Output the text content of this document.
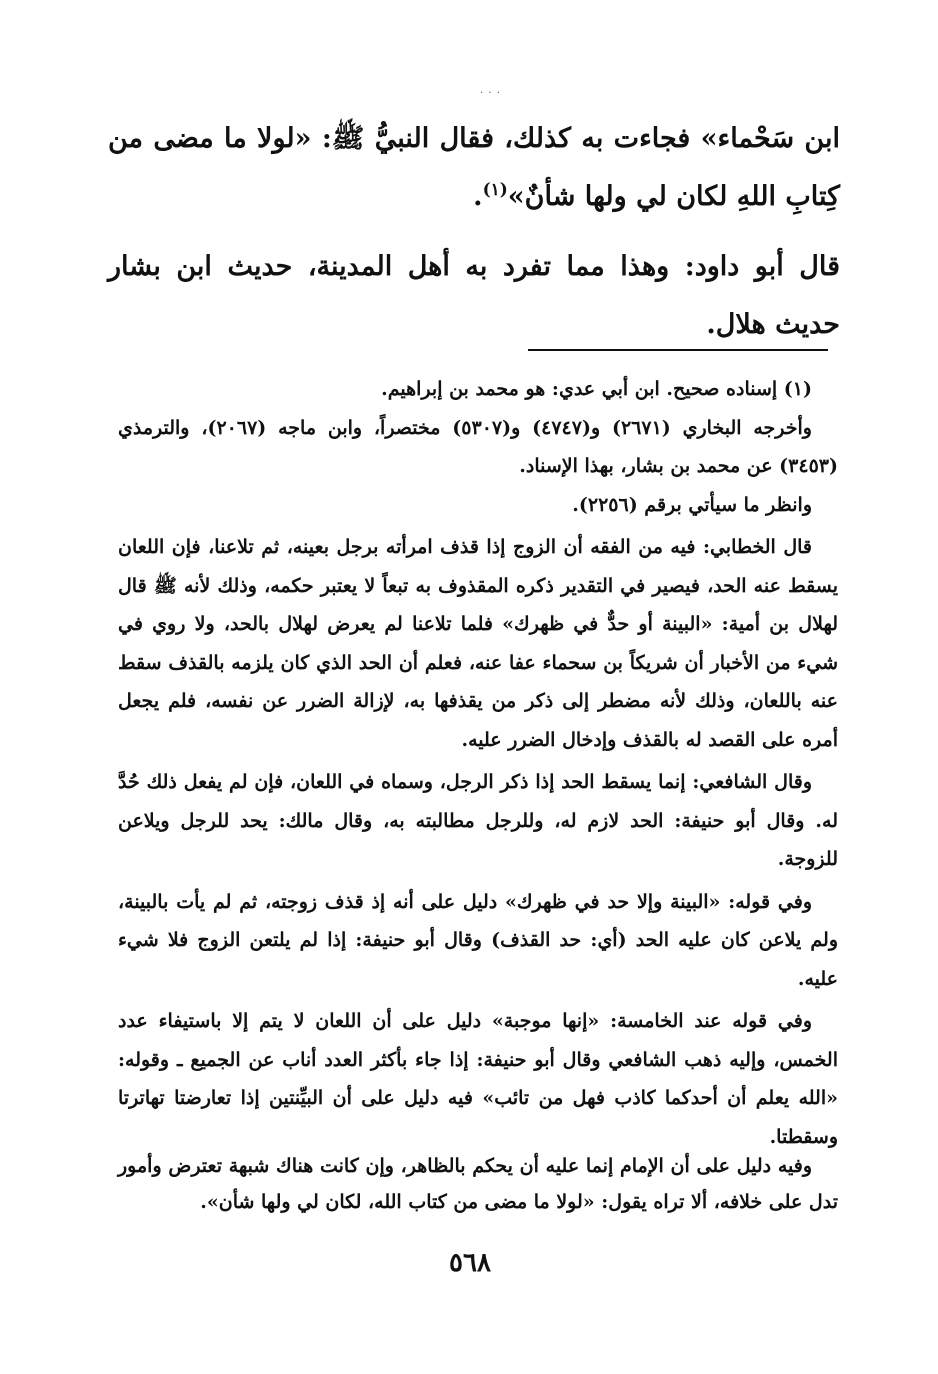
· · ·

ابن سَحْماء» فجاءت به كذلك، فقال النبيُّ ﷺ: «لولا ما مضى من كِتابِ اللهِ لكان لي ولها شأنٌ»$^{(١)}$.

قال أبو داود: وهذا مما تفرد به أهل المدينة، حديث ابن بشار حديث هلال.

(١) إسناده صحيح. ابن أبي عدي: هو محمد بن إبراهيم.

وأخرجه البخاري (٢٦٧١) و(٤٧٤٧) و(٥٣٠٧) مختصراً، وابن ماجه (٢٠٦٧)، والترمذي (٣٤٥٣) عن محمد بن بشار، بهذا الإسناد.

وانظر ما سيأتي برقم (٢٢٥٦).

قال الخطابي: فيه من الفقه أن الزوج إذا قذف امرأته برجل بعينه، ثم تلاعنا، فإن اللعان يسقط عنه الحد، فيصير في التقدير ذكره المقذوف به تبعاً لا يعتبر حكمه، وذلك لأنه ﷺ قال لهلال بن أمية: «البينة أو حدٌّ في ظهرك» فلما تلاعنا لم يعرض لهلال بالحد، ولا روي في شيء من الأخبار أن شريكاً بن سحماء عفا عنه، فعلم أن الحد الذي كان يلزمه بالقذف سقط عنه باللعان، وذلك لأنه مضطر إلى ذكر من يقذفها به، لإزالة الضرر عن نفسه، فلم يجعل أمره على القصد له بالقذف وإدخال الضرر عليه.

وقال الشافعي: إنما يسقط الحد إذا ذكر الرجل، وسماه في اللعان، فإن لم يفعل ذلك حُدَّ له. وقال أبو حنيفة: الحد لازم له، وللرجل مطالبته به، وقال مالك: يحد للرجل ويلاعن للزوجة.

وفي قوله: «البينة وإلا حد في ظهرك» دليل على أنه إذ قذف زوجته، ثم لم يأت بالبينة، ولم يلاعن كان عليه الحد (أي: حد القذف) وقال أبو حنيفة: إذا لم يلتعن الزوج فلا شيء عليه.

وفي قوله عند الخامسة: «إنها موجبة» دليل على أن اللعان لا يتم إلا باستيفاء عدد الخمس، وإليه ذهب الشافعي وقال أبو حنيفة: إذا جاء بأكثر العدد أناب عن الجميع ـ وقوله: «الله يعلم أن أحدكما كاذب فهل من تائب» فيه دليل على أن البيِّنتين إذا تعارضتا تهاترتا وسقطتا.

وفيه دليل على أن الإمام إنما عليه أن يحكم بالظاهر، وإن كانت هناك شبهة تعترض وأمور تدل على خلافه، ألا تراه يقول: «لولا ما مضى من كتاب الله، لكان لي ولها شأن».

٥٦٨
